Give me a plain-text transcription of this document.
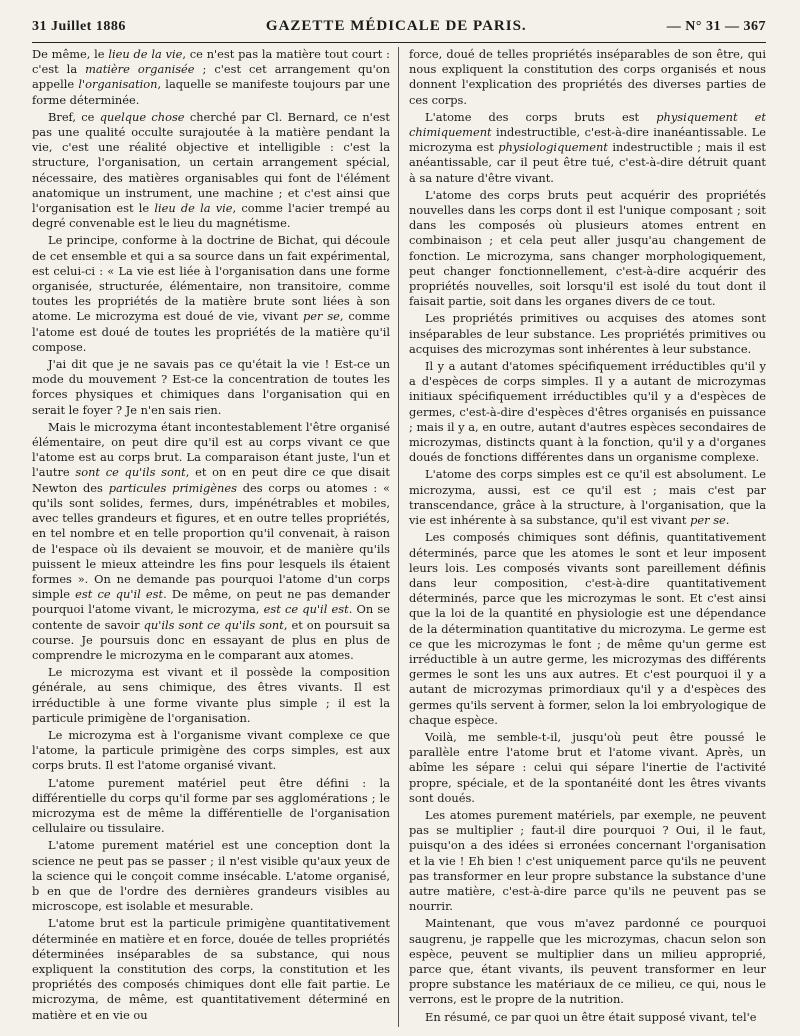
31 Juillet 1886	GAZETTE MÉDICALE DE PARIS.	— N° 31 — 367

De même, le lieu de la vie, ce n'est pas la matière tout court : c'est la matière organisée ; c'est cet arrangement qu'on appelle l'organisation, laquelle se manifeste toujours par une forme déterminée.

Bref, ce quelque chose cherché par Cl. Bernard, ce n'est pas une qualité occulte surajoutée à la matière pendant la vie, c'est une réalité objective et intelligible : c'est la structure, l'organisation, un certain arrangement spécial, nécessaire, des matières organisables qui font de l'élément anatomique un instrument, une machine ; et c'est ainsi que l'organisation est le lieu de la vie, comme l'acier trempé au degré convenable est le lieu du magnétisme.

Le principe, conforme à la doctrine de Bichat, qui découle de cet ensemble et qui a sa source dans un fait expérimental, est celui-ci : « La vie est liée à l'organisation dans une forme organisée, structurée, élémentaire, non transitoire, comme toutes les propriétés de la matière brute sont liées à son atome. Le microzyma est doué de vie, vivant per se, comme l'atome est doué de toutes les propriétés de la matière qu'il compose.

J'ai dit que je ne savais pas ce qu'était la vie ! Est-ce un mode du mouvement ? Est-ce la concentration de toutes les forces physiques et chimiques dans l'organisation qui en serait le foyer ? Je n'en sais rien.

Mais le microzyma étant incontestablement l'être organisé élémentaire, on peut dire qu'il est au corps vivant ce que l'atome est au corps brut. La comparaison étant juste, l'un et l'autre sont ce qu'ils sont, et on en peut dire ce que disait Newton des particules primigènes des corps ou atomes : « qu'ils sont solides, fermes, durs, impénétrables et mobiles, avec telles grandeurs et figures, et en outre telles propriétés, en tel nombre et en telle proportion qu'il convenait, à raison de l'espace où ils devaient se mouvoir, et de manière qu'ils puissent le mieux atteindre les fins pour lesquels ils étaient formes ». On ne demande pas pourquoi l'atome d'un corps simple est ce qu'il est. De même, on peut ne pas demander pourquoi l'atome vivant, le microzyma, est ce qu'il est. On se contente de savoir qu'ils sont ce qu'ils sont, et on poursuit sa course. Je poursuis donc en essayant de plus en plus de comprendre le microzyma en le comparant aux atomes.

Le microzyma est vivant et il possède la composition générale, au sens chimique, des êtres vivants. Il est irréductible à une forme vivante plus simple ; il est la particule primigène de l'organisation.

Le microzyma est à l'organisme vivant complexe ce que l'atome, la particule primigène des corps simples, est aux corps bruts. Il est l'atome organisé vivant.

L'atome purement matériel peut être défini : la différentielle du corps qu'il forme par ses agglomérations ; le microzyma est de même la différentielle de l'organisation cellulaire ou tissulaire.

L'atome purement matériel est une conception dont la science ne peut pas se passer ; il n'est visible qu'aux yeux de la science qui le conçoit comme insécable. L'atome organisé, b en que de l'ordre des dernières grandeurs visibles au microscope, est isolable et mesurable.

L'atome brut est la particule primigène quantitativement déterminée en matière et en force, douée de telles propriétés déterminées inséparables de sa substance, qui nous expliquent la constitution des corps, la constitution et les propriétés des composés chimiques dont elle fait partie. Le microzyma, de même, est quantitativement déterminé en matière et en vie ou

force, doué de telles propriétés inséparables de son être, qui nous expliquent la constitution des corps organisés et nous donnent l'explication des propriétés des diverses parties de ces corps.

L'atome des corps bruts est physiquement et chimiquement indestructible, c'est-à-dire inanéantissable. Le microzyma est physiologiquement indestructible ; mais il est anéantissable, car il peut être tué, c'est-à-dire détruit quant à sa nature d'être vivant.

L'atome des corps bruts peut acquérir des propriétés nouvelles dans les corps dont il est l'unique composant ; soit dans les composés où plusieurs atomes entrent en combinaison ; et cela peut aller jusqu'au changement de fonction. Le microzyma, sans changer morphologiquement, peut changer fonctionnellement, c'est-à-dire acquérir des propriétés nouvelles, soit lorsqu'il est isolé du tout dont il faisait partie, soit dans les organes divers de ce tout.

Les propriétés primitives ou acquises des atomes sont inséparables de leur substance. Les propriétés primitives ou acquises des microzymas sont inhérentes à leur substance.

Il y a autant d'atomes spécifiquement irréductibles qu'il y a d'espèces de corps simples. Il y a autant de microzymas initiaux spécifiquement irréductibles qu'il y a d'espèces de germes, c'est-à-dire d'espèces d'êtres organisés en puissance ; mais il y a, en outre, autant d'autres espèces secondaires de microzymas, distincts quant à la fonction, qu'il y a d'organes doués de fonctions différentes dans un organisme complexe.

L'atome des corps simples est ce qu'il est absolument. Le microzyma, aussi, est ce qu'il est ; mais c'est par transcendance, grâce à la structure, à l'organisation, que la vie est inhérente à sa substance, qu'il est vivant per se.

Les composés chimiques sont définis, quantitativement déterminés, parce que les atomes le sont et leur imposent leurs lois. Les composés vivants sont pareillement définis dans leur composition, c'est-à-dire quantitativement déterminés, parce que les microzymas le sont. Et c'est ainsi que la loi de la quantité en physiologie est une dépendance de la détermination quantitative du microzyma. Le germe est ce que les microzymas le font ; de même qu'un germe est irréductible à un autre germe, les microzymas des différents germes le sont les uns aux autres. Et c'est pourquoi il y a autant de microzymas primordiaux qu'il y a d'espèces des germes qu'ils servent à former, selon la loi embryologique de chaque espèce.

Voilà, me semble-t-il, jusqu'où peut être poussé le parallèle entre l'atome brut et l'atome vivant. Après, un abîme les sépare : celui qui sépare l'inertie de l'activité propre, spéciale, et de la spontanéité dont les êtres vivants sont doués.

Les atomes purement matériels, par exemple, ne peuvent pas se multiplier ; faut-il dire pourquoi ? Oui, il le faut, puisqu'on a des idées si erronées concernant l'organisation et la vie ! Eh bien ! c'est uniquement parce qu'ils ne peuvent pas transformer en leur propre substance la substance d'une autre matière, c'est-à-dire parce qu'ils ne peuvent pas se nourrir.

Maintenant, que vous m'avez pardonné ce pourquoi saugrenu, je rappelle que les microzymas, chacun selon son espèce, peuvent se multiplier dans un milieu approprié, parce que, étant vivants, ils peuvent transformer en leur propre substance les matériaux de ce milieu, ce qui, nous le verrons, est le propre de la nutrition.

En résumé, ce par quoi un être était supposé vivant, tel'e
